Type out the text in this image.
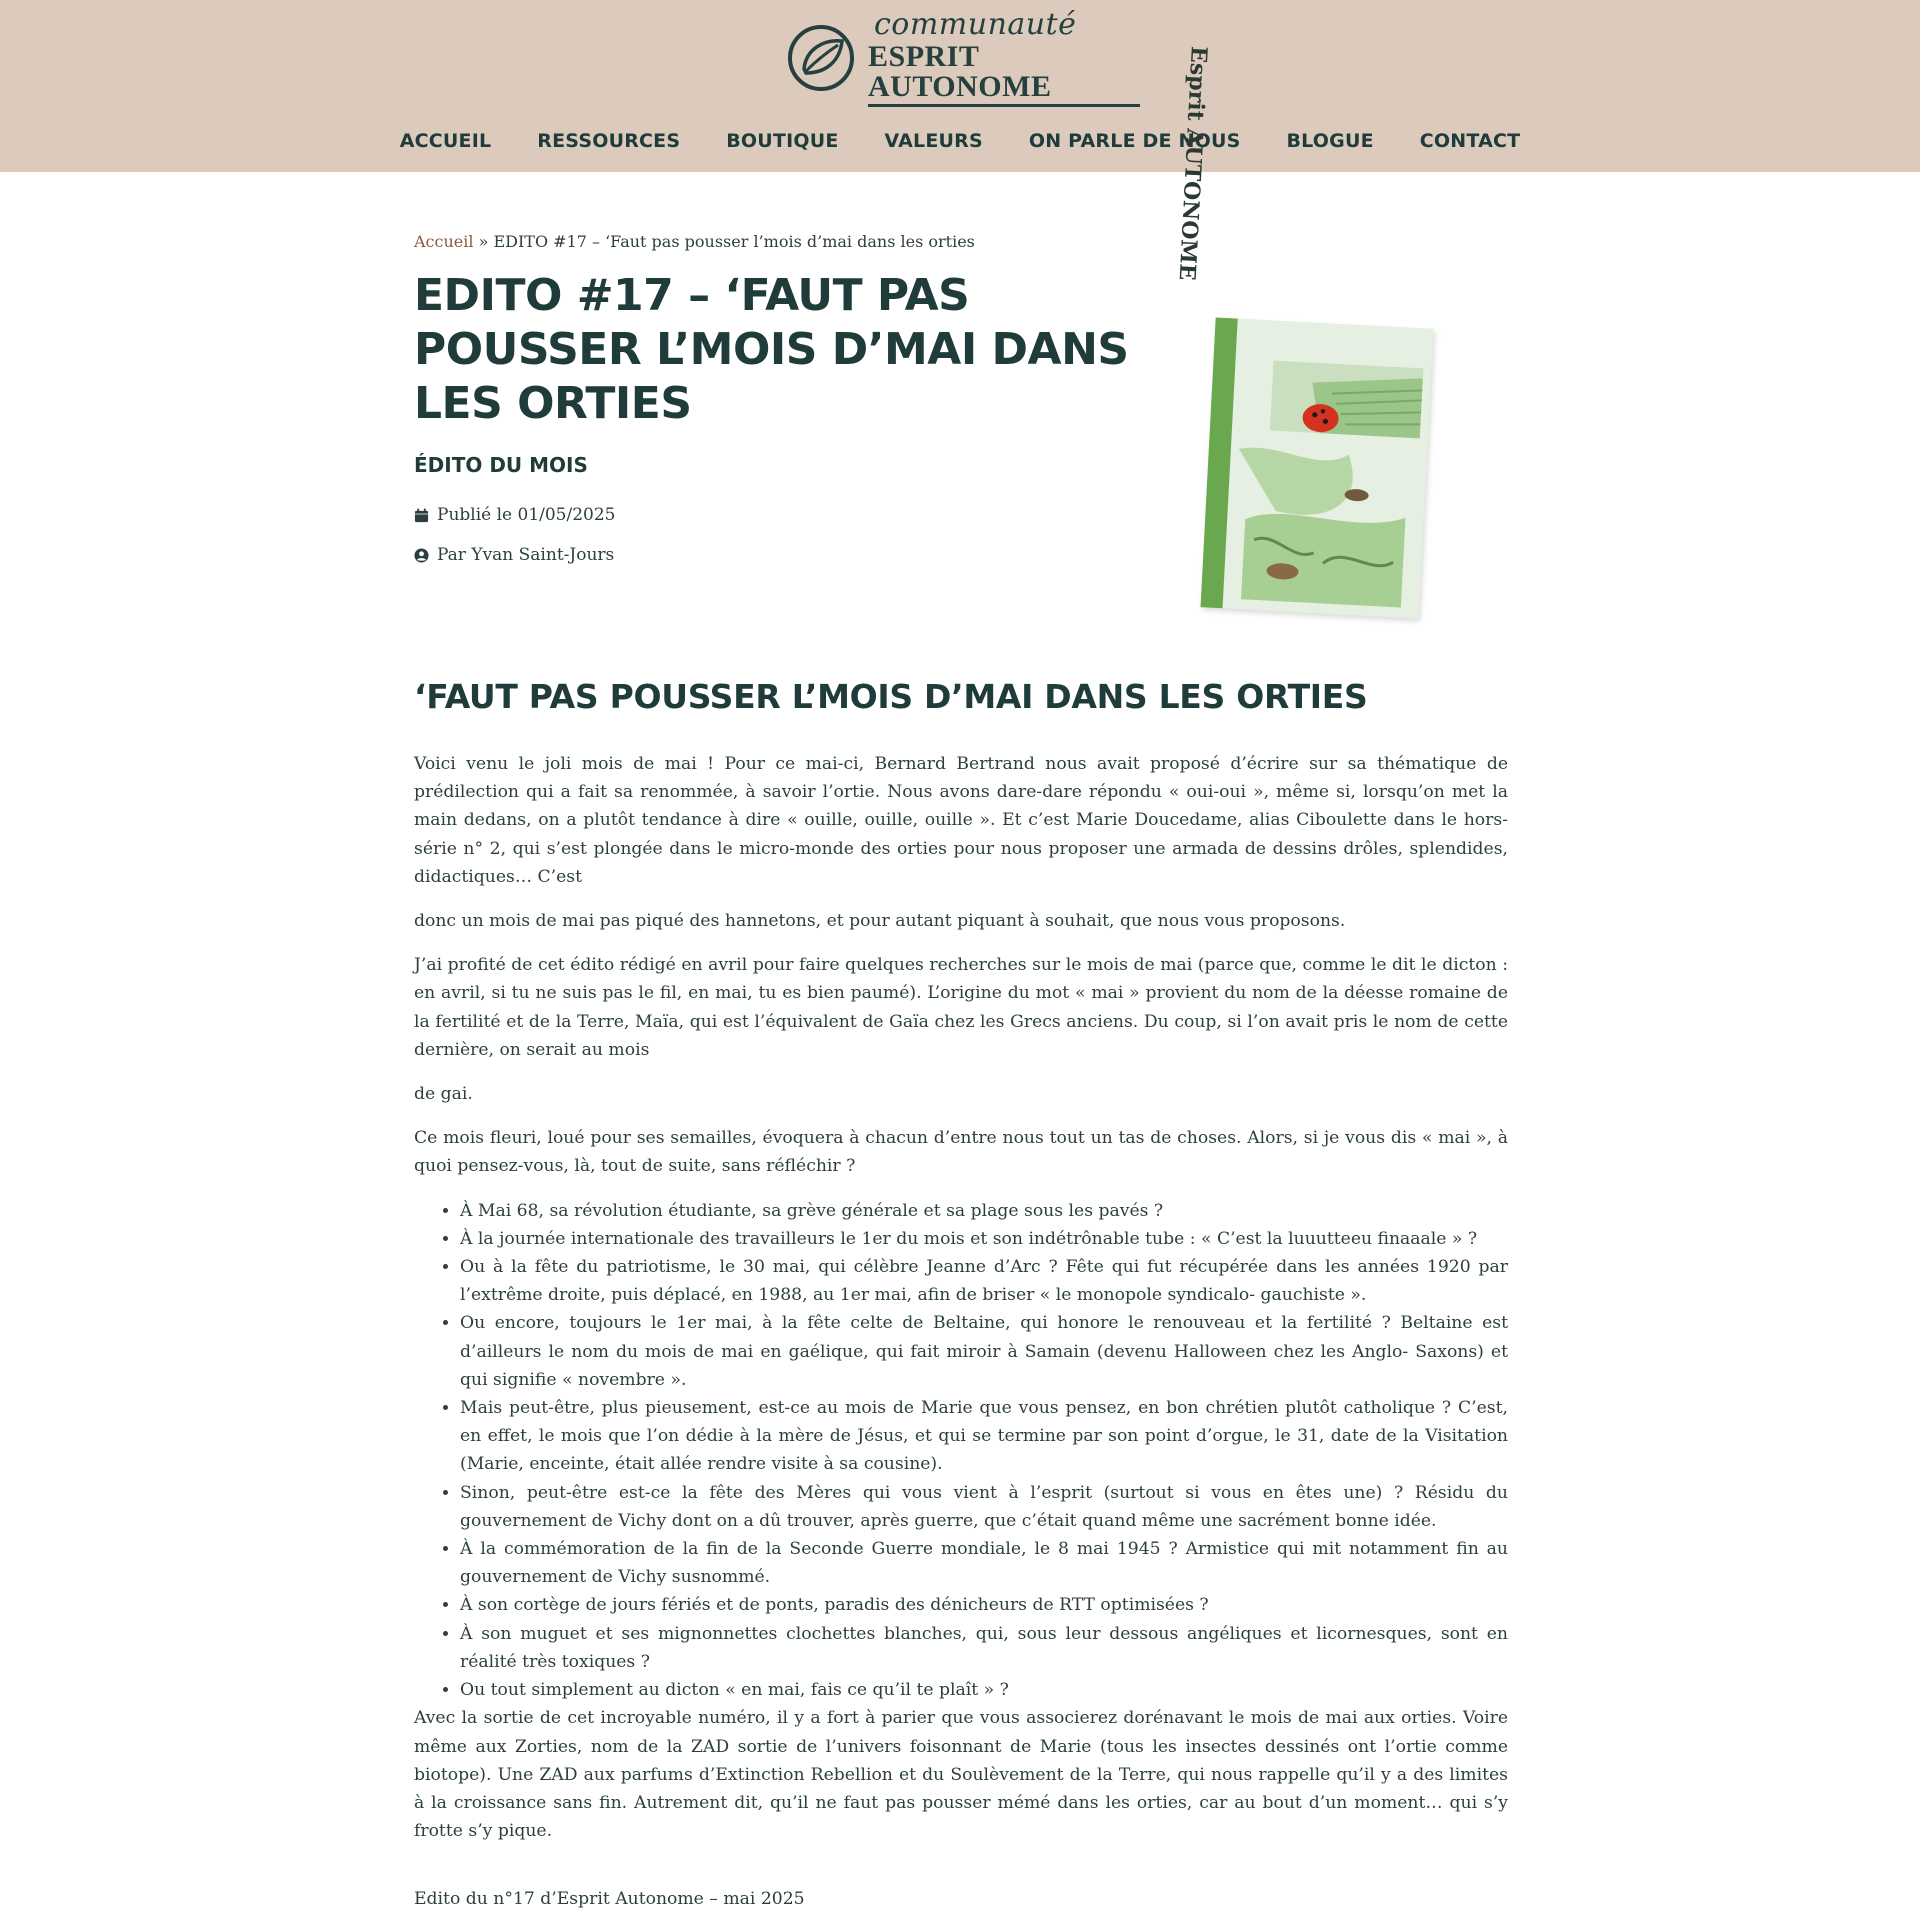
communauté
ESPRIT AUTONOME
ACCUEIL RESSOURCES BOUTIQUE VALEURS ON PARLE DE NOUS BLOGUE CONTACT
Accueil » EDITO #17 – ‘Faut pas pousser l’mois d’mai dans les orties
EDITO #17 – ‘FAUT PAS POUSSER L’MOIS D’MAI DANS LES ORTIES
ÉDITO DU MOIS
Publié le 01/05/2025
Par Yvan Saint-Jours
Esprit AUTONOME
‘FAUT PAS POUSSER L’MOIS D’MAI DANS LES ORTIES

Voici venu le joli mois de mai ! Pour ce mai-ci, Bernard Bertrand nous avait proposé d’écrire sur sa thématique de prédilection qui a fait sa renommée, à savoir l’ortie. Nous avons dare-dare répondu « oui-oui », même si, lorsqu’on met la main dedans, on a plutôt tendance à dire « ouille, ouille, ouille ». Et c’est Marie Doucedame, alias Ciboulette dans le hors-série n° 2, qui s’est plongée dans le micro-monde des orties pour nous proposer une armada de dessins drôles, splendides, didactiques… C’est

donc un mois de mai pas piqué des hannetons, et pour autant piquant à souhait, que nous vous proposons.

J’ai profité de cet édito rédigé en avril pour faire quelques recherches sur le mois de mai (parce que, comme le dit le dicton : en avril, si tu ne suis pas le fil, en mai, tu es bien paumé). L’origine du mot « mai » provient du nom de la déesse romaine de la fertilité et de la Terre, Maïa, qui est l’équivalent de Gaïa chez les Grecs anciens. Du coup, si l’on avait pris le nom de cette dernière, on serait au mois

de gai.

Ce mois fleuri, loué pour ses semailles, évoquera à chacun d’entre nous tout un tas de choses. Alors, si je vous dis « mai », à quoi pensez-vous, là, tout de suite, sans réfléchir ?

• À Mai 68, sa révolution étudiante, sa grève générale et sa plage sous les pavés ?
• À la journée internationale des travailleurs le 1er du mois et son indétrônable tube : « C’est la luuutteeu finaaale » ?
• Ou à la fête du patriotisme, le 30 mai, qui célèbre Jeanne d’Arc ? Fête qui fut récupérée dans les années 1920 par l’extrême droite, puis déplacé, en 1988, au 1er mai, afin de briser « le monopole syndicalo- gauchiste ».
• Ou encore, toujours le 1er mai, à la fête celte de Beltaine, qui honore le renouveau et la fertilité ? Beltaine est d’ailleurs le nom du mois de mai en gaélique, qui fait miroir à Samain (devenu Halloween chez les Anglo- Saxons) et qui signifie « novembre ».
• Mais peut-être, plus pieusement, est-ce au mois de Marie que vous pensez, en bon chrétien plutôt catholique ? C’est, en effet, le mois que l’on dédie à la mère de Jésus, et qui se termine par son point d’orgue, le 31, date de la Visitation (Marie, enceinte, était allée rendre visite à sa cousine).
• Sinon, peut-être est-ce la fête des Mères qui vous vient à l’esprit (surtout si vous en êtes une) ? Résidu du gouvernement de Vichy dont on a dû trouver, après guerre, que c’était quand même une sacrément bonne idée.
• À la commémoration de la fin de la Seconde Guerre mondiale, le 8 mai 1945 ? Armistice qui mit notamment fin au gouvernement de Vichy susnommé.
• À son cortège de jours fériés et de ponts, paradis des dénicheurs de RTT optimisées ?
• À son muguet et ses mignonnettes clochettes blanches, qui, sous leur dessous angéliques et licornesques, sont en réalité très toxiques ?
• Ou tout simplement au dicton « en mai, fais ce qu’il te plaît » ?

Avec la sortie de cet incroyable numéro, il y a fort à parier que vous associerez dorénavant le mois de mai aux orties. Voire même aux Zorties, nom de la ZAD sortie de l’univers foisonnant de Marie (tous les insectes dessinés ont l’ortie comme biotope). Une ZAD aux parfums d’Extinction Rebellion et du Soulèvement de la Terre, qui nous rappelle qu’il y a des limites à la croissance sans fin. Autrement dit, qu’il ne faut pas pousser mémé dans les orties, car au bout d’un moment… qui s’y frotte s’y pique.

Edito du n°17 d’Esprit Autonome – mai 2025
